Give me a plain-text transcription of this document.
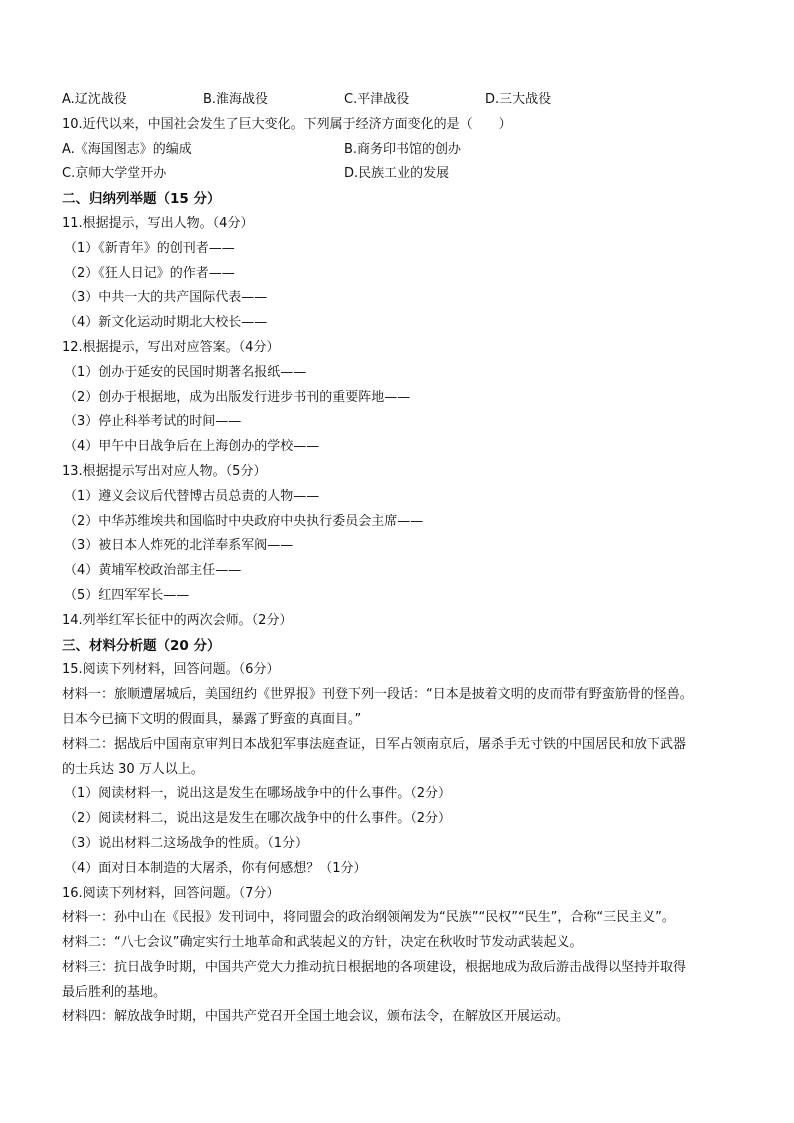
A.辽沈战役	B.淮海战役	C.平津战役	D.三大战役
10.近代以来，中国社会发生了巨大变化。下列属于经济方面变化的是（　　）
A.《海国图志》的编成	B.商务印书馆的创办
C.京师大学堂开办	D.民族工业的发展
二、归纳列举题（15 分）
11.根据提示，写出人物。（4分）
（1）《新青年》的创刊者——
（2）《狂人日记》的作者——
（3）中共一大的共产国际代表——
（4）新文化运动时期北大校长——
12.根据提示，写出对应答案。（4分）
（1）创办于延安的民国时期著名报纸——
（2）创办于根据地，成为出版发行进步书刊的重要阵地——
（3）停止科举考试的时间——
（4）甲午中日战争后在上海创办的学校——
13.根据提示写出对应人物。（5分）
（1）遵义会议后代替博古员总责的人物——
（2）中华苏维埃共和国临时中央政府中央执行委员会主席——
（3）被日本人炸死的北洋奉系军阀——
（4）黄埔军校政治部主任——
（5）红四军军长——
14.列举红军长征中的两次会师。（2分）
三、材料分析题（20 分）
15.阅读下列材料，回答问题。（6分）
材料一：旅顺遭屠城后，美国纽约《世界报》刊登下列一段话：“日本是披着文明的皮而带有野蛮筋骨的怪兽。
日本今已摘下文明的假面具，暴露了野蛮的真面目。”
材料二：据战后中国南京审判日本战犯军事法庭查证，日军占领南京后，屠杀手无寸铁的中国居民和放下武器
的士兵达 30 万人以上。
（1）阅读材料一，说出这是发生在哪场战争中的什么事件。（2分）
（2）阅读材料二，说出这是发生在哪次战争中的什么事件。（2分）
（3）说出材料二这场战争的性质。（1分）
（4）面对日本制造的大屠杀，你有何感想？（1分）
16.阅读下列材料，回答问题。（7分）
材料一：孙中山在《民报》发刊词中，将同盟会的政治纲领阐发为“民族”“民权”“民生”，合称“三民主义”。
材料二：“八七会议”确定实行土地革命和武装起义的方针，决定在秋收时节发动武装起义。
材料三：抗日战争时期，中国共产党大力推动抗日根据地的各项建设，根据地成为敌后游击战得以坚持并取得
最后胜利的基地。
材料四：解放战争时期，中国共产党召开全国土地会议，颁布法令，在解放区开展运动。
